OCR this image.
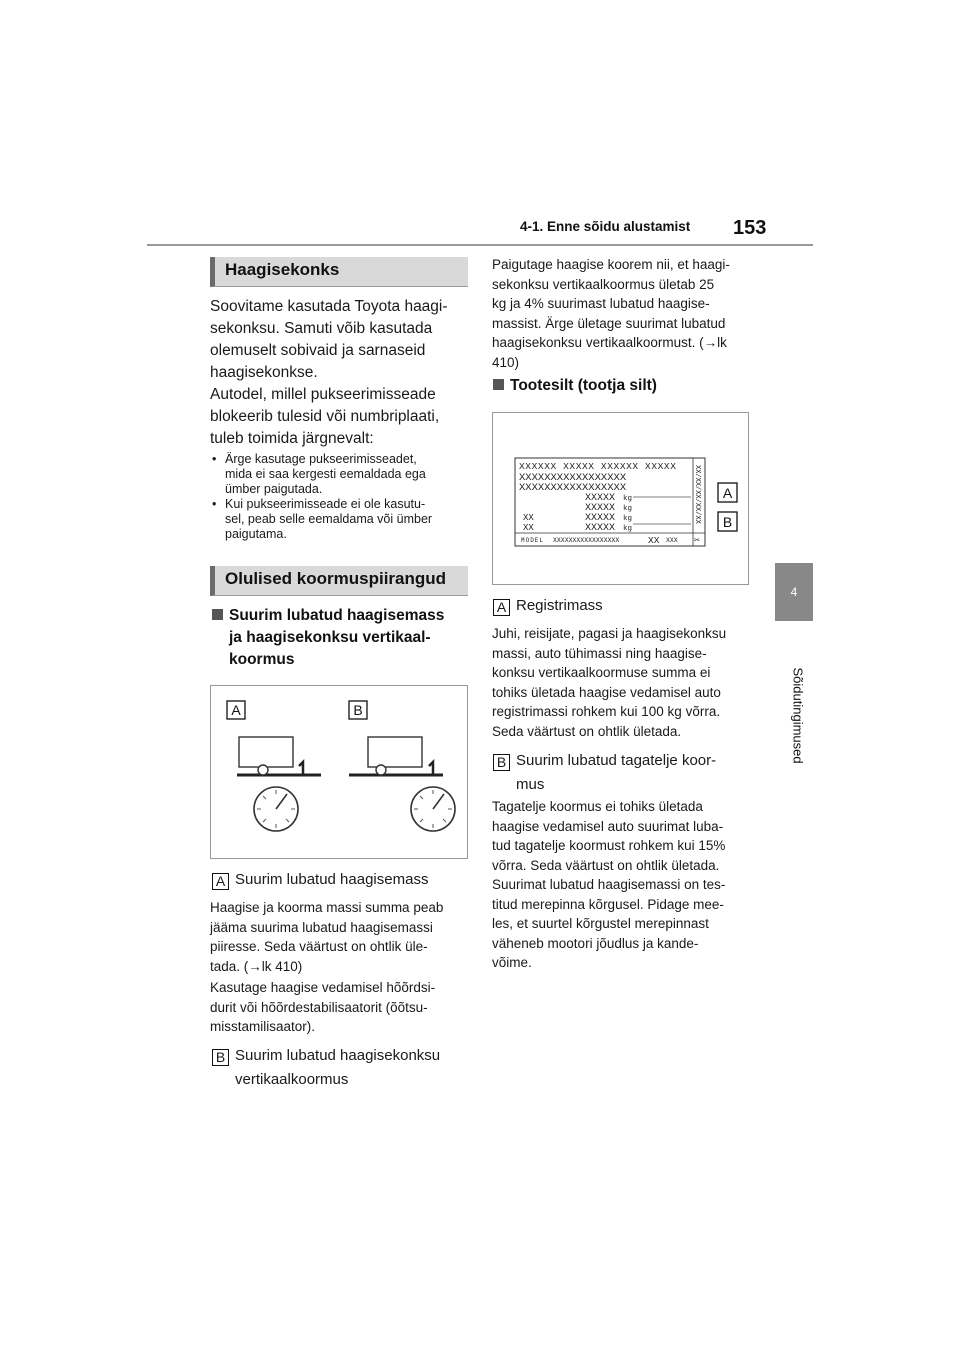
4-1. Enne sõidu alustamist 153
4
Sõidutingimused
Haagisekonks
Soovitame kasutada Toyota haagi-
sekonksu. Samuti võib kasutada
olemuselt sobivaid ja sarnaseid
haagisekonkse.
Autodel, millel pukseerimisseade
blokeerib tulesid või numbriplaati,
tuleb toimida järgnevalt:
• Ärge kasutage pukseerimisseadet,
mida ei saa kergesti eemaldada ega
ümber paigutada.
• Kui pukseerimisseade ei ole kasutu-
sel, peab selle eemaldama või ümber
paigutama.
Olulised koormuspiirangud
Suurim lubatud haagisemass
ja haagisekonksu vertikaal-
koormus
A	B
A Suurim lubatud haagisemass
Haagise ja koorma massi summa peab
jääma suurima lubatud haagisemassi
piiresse. Seda väärtust on ohtlik üle-
tada. (→lk 410)
Kasutage haagise vedamisel hõõrdsi-
durit või hõõrdestabilisaatorit (õõtsu-
misstamilisaator).
B Suurim lubatud haagisekonksu
vertikaalkoormus
Paigutage haagise koorem nii, et haagi-
sekonksu vertikaalkoormus ületab 25
kg ja 4% suurimast lubatud haagise-
massist. Ärge ületage suurimat lubatud
haagisekonksu vertikaalkoormust. (→lk
410)
Tootesilt (tootja silt)
XXXXXX XXXXX XXXXXX XXXXX
XXXXXXXXXXXXXXXXX
XXXXXXXXXXXXXXXXX
XXXXX kg
XXXXX kg
XXXXX kg
XXXXX kg
XX
XX
MODEL XXXXXXXXXXXXXXXXX	XX XXX
XX/XX/XX/XX/XX
✂
A
B
A Registrimass
Juhi, reisijate, pagasi ja haagisekonksu
massi, auto tühimassi ning haagise-
konksu vertikaalkoormuse summa ei
tohiks ületada haagise vedamisel auto
registrimassi rohkem kui 100 kg võrra.
Seda väärtust on ohtlik ületada.
B Suurim lubatud tagatelje koor-
mus
Tagatelje koormus ei tohiks ületada
haagise vedamisel auto suurimat luba-
tud tagatelje koormust rohkem kui 15%
võrra. Seda väärtust on ohtlik ületada.
Suurimat lubatud haagisemassi on tes-
titud merepinna kõrgusel. Pidage mee-
les, et suurtel kõrgustel merepinnast
väheneb mootori jõudlus ja kande-
võime.
